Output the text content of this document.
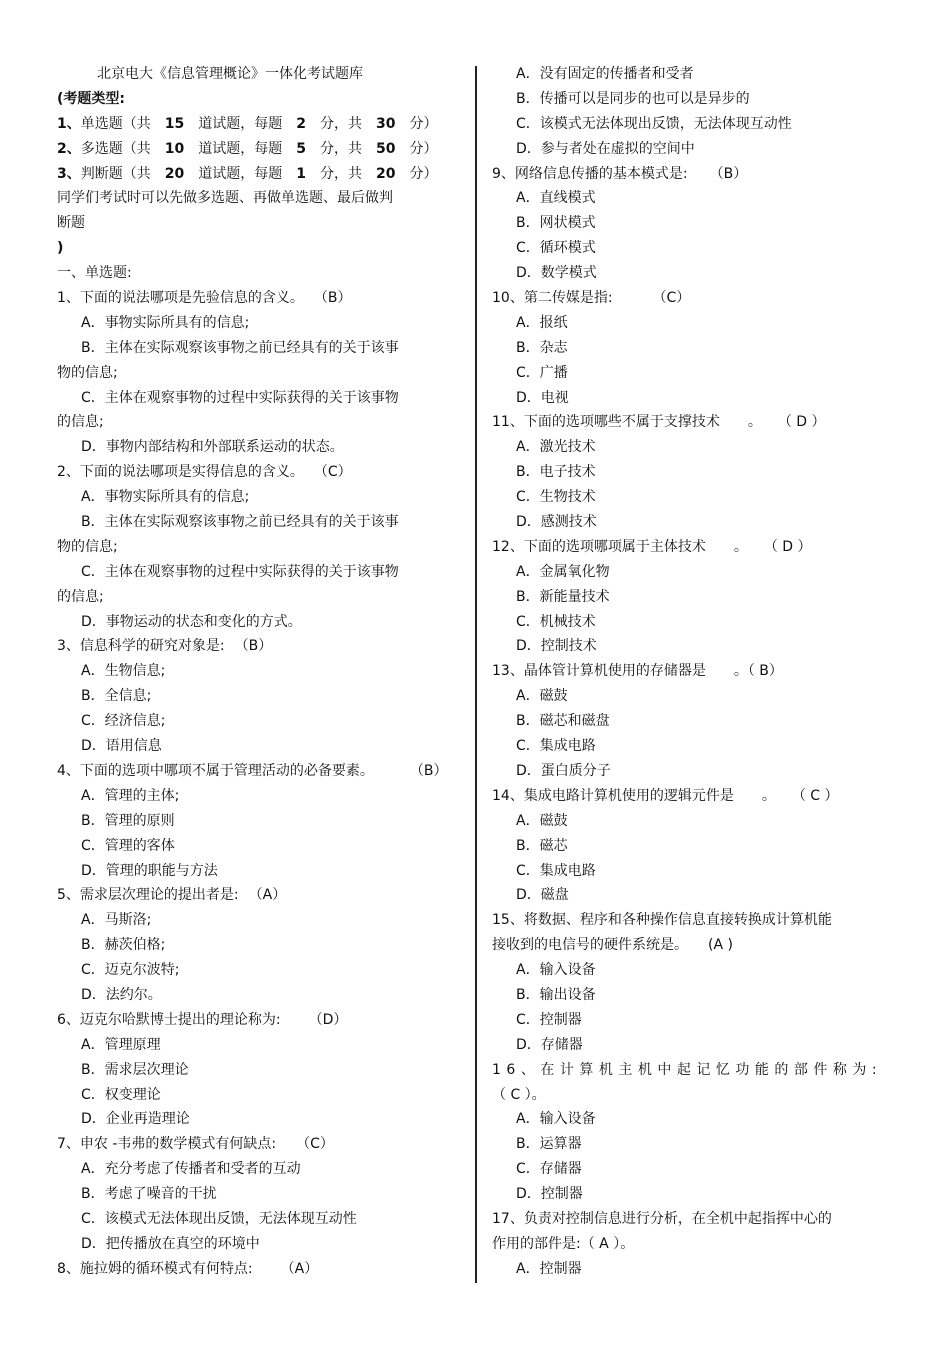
北京电大《信息管理概论》一体化考试题库
(考题类型:
1、单选题（共 15 道试题，每题 2 分，共 30 分）
2、多选题（共 10 道试题，每题 5 分，共 50 分）
3、判断题（共 20 道试题，每题 1 分，共 20 分）
同学们考试时可以先做多选题、再做单选题、最后做判
断题
)
一、单选题:
1、下面的说法哪项是先验信息的含义。 （B）
A．事物实际所具有的信息;
B．主体在实际观察该事物之前已经具有的关于该事
物的信息;
C．主体在观察事物的过程中实际获得的关于该事物
的信息;
D．事物内部结构和外部联系运动的状态。
2、下面的说法哪项是实得信息的含义。 （C）
A．事物实际所具有的信息;
B．主体在实际观察该事物之前已经具有的关于该事
物的信息;
C．主体在观察事物的过程中实际获得的关于该事物
的信息;
D．事物运动的状态和变化的方式。
3、信息科学的研究对象是: （B）
A．生物信息;
B．全信息;
C．经济信息;
D．语用信息
4、下面的选项中哪项不属于管理活动的必备要素。	（B）
A．管理的主体;
B．管理的原则
C．管理的客体
D．管理的职能与方法
5、需求层次理论的提出者是: （A）
A．马斯洛;
B．赫茨伯格;
C．迈克尔波特;
D．法约尔。
6、迈克尔哈默博士提出的理论称为: （D）
A．管理原理
B．需求层次理论
C．权变理论
D．企业再造理论
7、申农 -韦弗的数学模式有何缺点: （C）
A．充分考虑了传播者和受者的互动
B．考虑了噪音的干扰
C．该模式无法体现出反馈，无法体现互动性
D．把传播放在真空的环境中
8、施拉姆的循环模式有何特点: （A）
A．没有固定的传播者和受者
B．传播可以是同步的也可以是异步的
C．该模式无法体现出反馈，无法体现互动性
D．参与者处在虚拟的空间中
9、网络信息传播的基本模式是: （B）
A．直线模式
B．网状模式
C．循环模式
D．数学模式
10、第二传媒是指:	（C）
A．报纸
B．杂志
C．广播
D．电视
11、下面的选项哪些不属于支撑技术 。 （ D ）
A．激光技术
B．电子技术
C．生物技术
D．感测技术
12、下面的选项哪项属于主体技术 。 （ D ）
A．金属氧化物
B．新能量技术
C．机械技术
D．控制技术
13、晶体管计算机使用的存储器是 。（ B）
A．磁鼓
B．磁芯和磁盘
C．集成电路
D．蛋白质分子
14、集成电路计算机使用的逻辑元件是 。 （ C ）
A．磁鼓
B．磁芯
C．集成电路
D．磁盘
15、将数据、程序和各种操作信息直接转换成计算机能
接收到的电信号的硬件系统是。 (A )
A．输入设备
B．输出设备
C．控制器
D．存储器
16、在计算机主机中起记忆功能的部件称为:
（ C ）。
A．输入设备
B．运算器
C．存储器
D．控制器
17、负责对控制信息进行分析，在全机中起指挥中心的
作用的部件是:（ A ）。
A．控制器
